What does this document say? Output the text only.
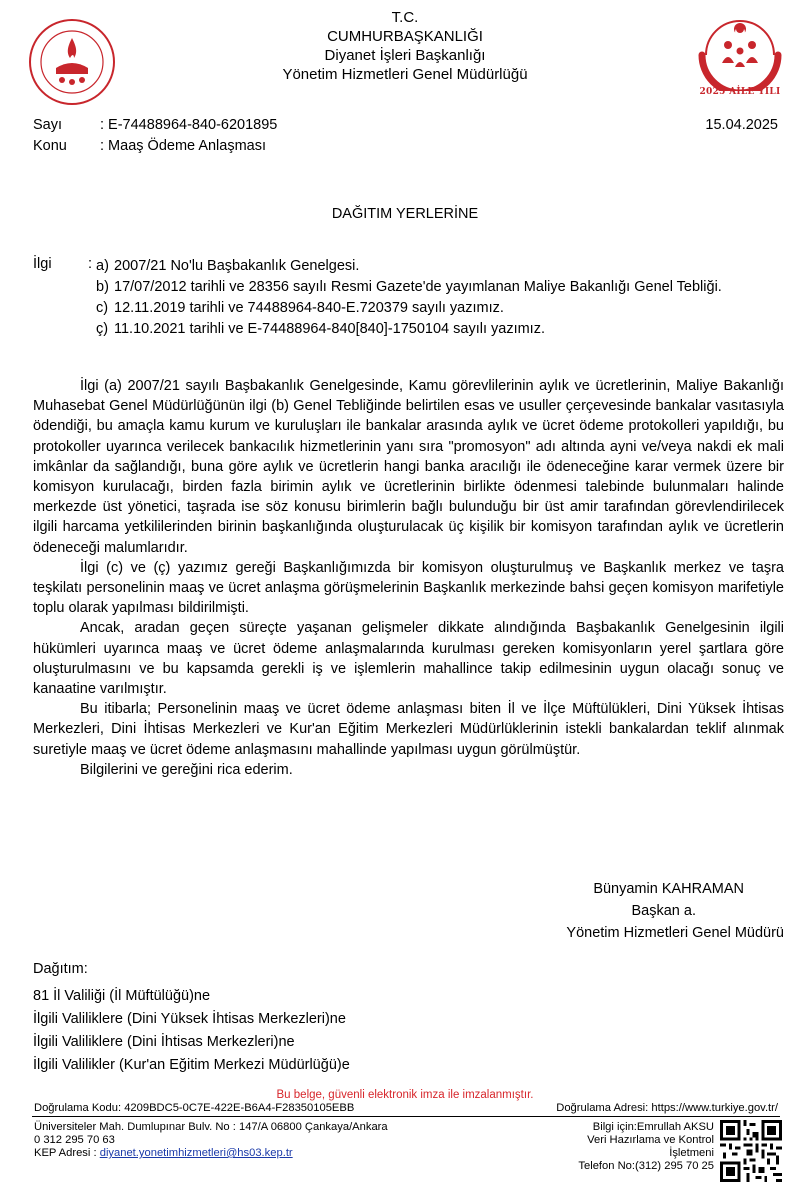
2025 AİLE YILI
T.C.
CUMHURBAŞKANLIĞI
Diyanet İşleri Başkanlığı
Yönetim Hizmetleri Genel Müdürlüğü
Sayı	: E-74488964-840-6201895	15.04.2025
Konu : Maaş Ödeme Anlaşması
DAĞITIM YERLERİNE
İlgi	: a) 2007/21 No'lu Başbakanlık Genelgesi.
b) 17/07/2012 tarihli ve 28356 sayılı Resmi Gazete'de yayımlanan Maliye Bakanlığı Genel Tebliği.
c) 12.11.2019 tarihli ve 74488964-840-E.720379 sayılı yazımız.
ç) 11.10.2021 tarihli ve E-74488964-840[840]-1750104 sayılı yazımız.

İlgi (a) 2007/21 sayılı Başbakanlık Genelgesinde, Kamu görevlilerinin aylık ve ücretlerinin, Maliye Bakanlığı Muhasebat Genel Müdürlüğünün ilgi (b) Genel Tebliğinde belirtilen esas ve usuller çerçevesinde bankalar vasıtasıyla ödendiği, bu amaçla kamu kurum ve kuruluşları ile bankalar arasında aylık ve ücret ödeme protokolleri yapıldığı, bu protokoller uyarınca verilecek bankacılık hizmetlerinin yanı sıra "promosyon" adı altında ayni ve/veya nakdi ek mali imkânlar da sağlandığı, buna göre aylık ve ücretlerin hangi banka aracılığı ile ödeneceğine karar vermek üzere bir komisyon kurulacağı, birden fazla birimin aylık ve ücretlerinin birlikte ödenmesi talebinde bulunmaları halinde merkezde üst yönetici, taşrada ise söz konusu birimlerin bağlı bulunduğu bir üst amir tarafından görevlendirilecek ilgili harcama yetkililerinden birinin başkanlığında oluşturulacak üç kişilik bir komisyon tarafından aylık ve ücretlerin ödeneceği malumlarıdır.

İlgi (c) ve (ç) yazımız gereği Başkanlığımızda bir komisyon oluşturulmuş ve Başkanlık merkez ve taşra teşkilatı personelinin maaş ve ücret anlaşma görüşmelerinin Başkanlık merkezinde bahsi geçen komisyon marifetiyle toplu olarak yapılması bildirilmişti.

Ancak, aradan geçen süreçte yaşanan gelişmeler dikkate alındığında Başbakanlık Genelgesinin ilgili hükümleri uyarınca maaş ve ücret ödeme anlaşmalarında kurulması gereken komisyonların yerel şartlara göre oluşturulmasını ve bu kapsamda gerekli iş ve işlemlerin mahallince takip edilmesinin uygun olacağı sonuç ve kanaatine varılmıştır.

Bu itibarla; Personelinin maaş ve ücret ödeme anlaşması biten İl ve İlçe Müftülükleri, Dini Yüksek İhtisas Merkezleri, Dini İhtisas Merkezleri ve Kur'an Eğitim Merkezleri Müdürlüklerinin istekli bankalardan teklif alınmak suretiyle maaş ve ücret ödeme anlaşmasını mahallinde yapılması uygun görülmüştür.

Bilgilerini ve gereğini rica ederim.

Bünyamin KAHRAMAN
Başkan a.
Yönetim Hizmetleri Genel Müdürü
Dağıtım:
81 İl Valiliği (İl Müftülüğü)ne
İlgili Valiliklere (Dini Yüksek İhtisas Merkezleri)ne
İlgili Valiliklere (Dini İhtisas Merkezleri)ne
İlgili Valilikler (Kur'an Eğitim Merkezi Müdürlüğü)e
Bu belge, güvenli elektronik imza ile imzalanmıştır.
Doğrulama Kodu: 4209BDC5-0C7E-422E-B6A4-F28350105EBB	Doğrulama Adresi: https://www.turkiye.gov.tr/
Üniversiteler Mah. Dumlupınar Bulv. No : 147/A 06800 Çankaya/Ankara
0 312 295 70 63
KEP Adresi : diyanet.yonetimhizmetleri@hs03.kep.tr
Bilgi için:Emrullah AKSU
Veri Hazırlama ve Kontrol
İşletmeni
Telefon No:(312) 295 70 25
